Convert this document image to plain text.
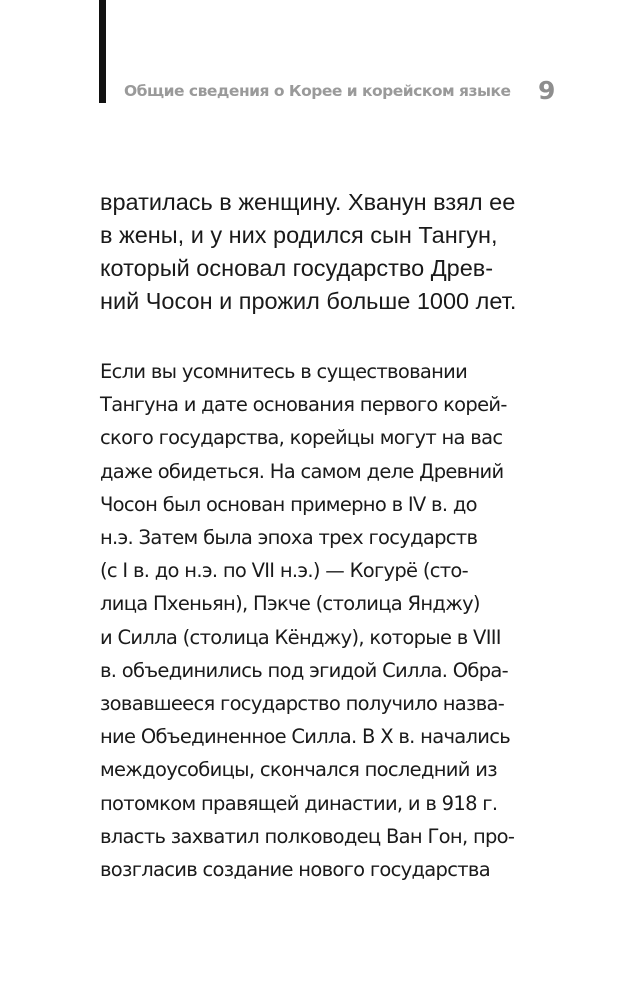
Общие сведения о Корее и корейском языке 9
вратилась в женщину. Хванун взял ее
в жены, и у них родился сын Тангун,
который основал государство Древ-
ний Чосон и прожил больше 1000 лет.
Если вы усомнитесь в существовании
Тангуна и дате основания первого корей-
ского государства, корейцы могут на вас
даже обидеться. На самом деле Древний
Чосон был основан примерно в IV в. до
н.э. Затем была эпоха трех государств
(с I в. до н.э. по VII н.э.) — Когурё (сто-
лица Пхеньян), Пэкче (столица Янджу)
и Силла (столица Кёнджу), которые в VIII
в. объединились под эгидой Силла. Обра-
зовавшееся государство получило назва-
ние Объединенное Силла. В X в. начались
междоусобицы, скончался последний из
потомком правящей династии, и в 918 г.
власть захватил полководец Ван Гон, про-
возгласив создание нового государства
